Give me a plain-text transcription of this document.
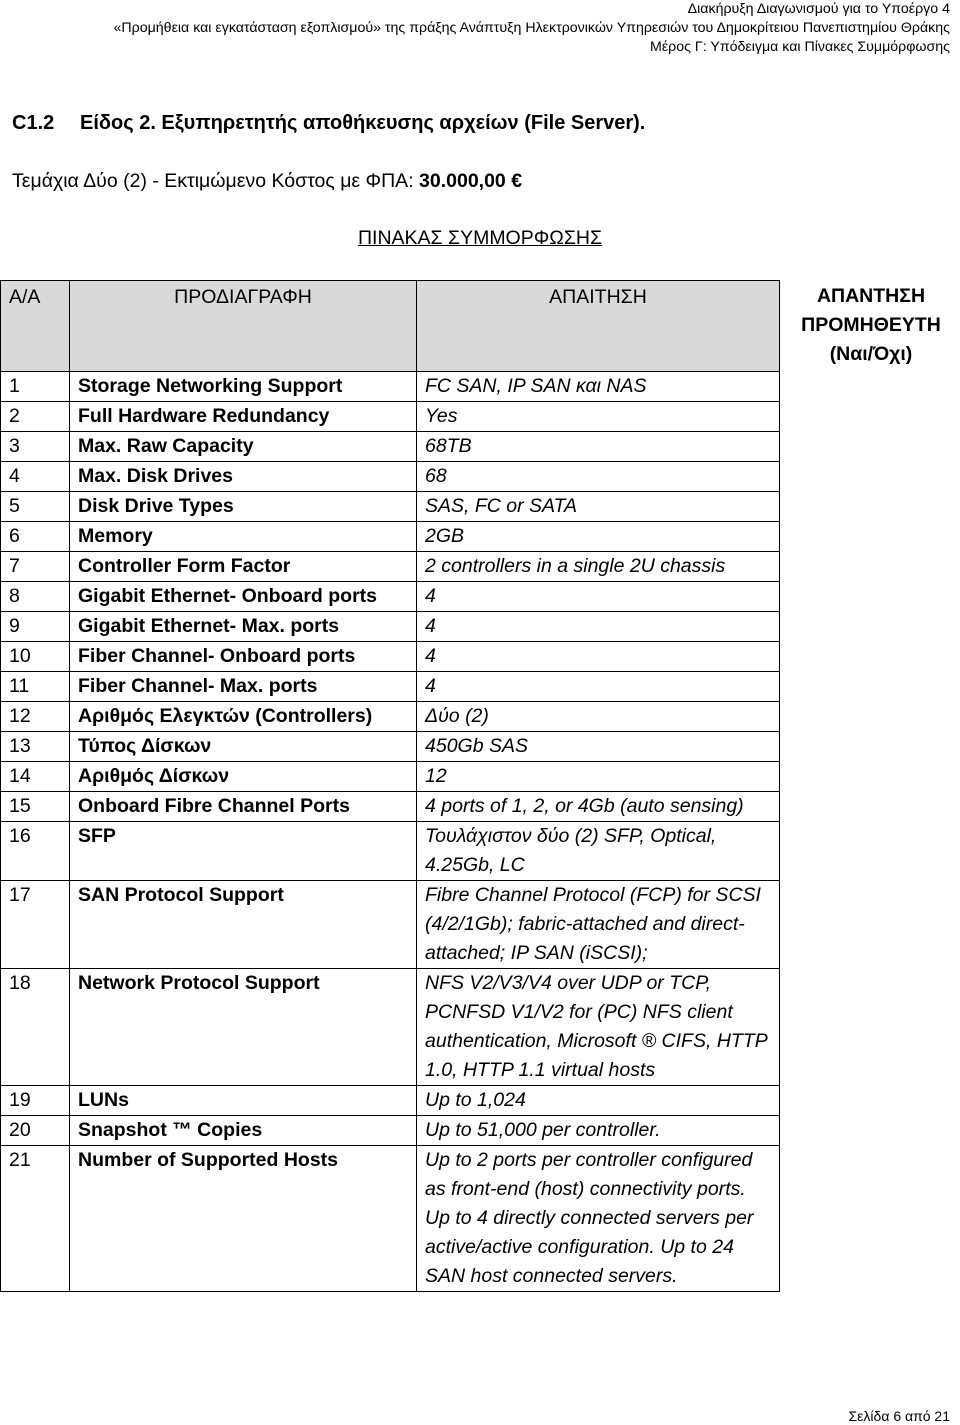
Διακήρυξη Διαγωνισμού για το Υποέργο 4
«Προμήθεια και εγκατάσταση εξοπλισμού» της πράξης Ανάπτυξη Ηλεκτρονικών Υπηρεσιών του Δημοκρίτειου Πανεπιστημίου Θράκης
Μέρος Γ: Υπόδειγμα και Πίνακες Συμμόρφωσης
C1.2 Είδος 2. Εξυπηρετητής αποθήκευσης αρχείων (File Server).
Τεμάχια Δύο (2) - Εκτιμώμενο Κόστος με ΦΠΑ: 30.000,00 €
ΠΙΝΑΚΑΣ ΣΥΜΜΟΡΦΩΣΗΣ
Α/Α	ΠΡΟΔΙΑΓΡΑΦΗ	ΑΠΑΙΤΗΣΗ
1	Storage Networking Support	FC SAN, IP SAN και NAS
2	Full Hardware Redundancy	Yes
3	Max. Raw Capacity	68TB
4	Max. Disk Drives	68
5	Disk Drive Types	SAS, FC or SATA
6	Memory	2GB
7	Controller Form Factor	2 controllers in a single 2U chassis
8	Gigabit Ethernet- Onboard ports	4
9	Gigabit Ethernet- Max. ports	4
10	Fiber Channel- Onboard ports	4
11	Fiber Channel- Max. ports	4
12	Αριθμός Ελεγκτών (Controllers)	Δύο (2)
13	Τύπος Δίσκων	450Gb SAS
14	Αριθμός Δίσκων	12
15	Onboard Fibre Channel Ports	4 ports of 1, 2, or 4Gb (auto sensing)
16	SFP	Τουλάχιστον δύο (2) SFP, Optical, 4.25Gb, LC
17	SAN Protocol Support	Fibre Channel Protocol (FCP) for SCSI (4/2/1Gb); fabric-attached and direct-attached; IP SAN (iSCSI);
18	Network Protocol Support	NFS V2/V3/V4 over UDP or TCP, PCNFSD V1/V2 for (PC) NFS client authentication, Microsoft ® CIFS, HTTP 1.0, HTTP 1.1 virtual hosts
19	LUNs	Up to 1,024
20	Snapshot ™ Copies	Up to 51,000 per controller.
21	Number of Supported Hosts	Up to 2 ports per controller configured as front-end (host) connectivity ports. Up to 4 directly connected servers per active/active configuration. Up to 24 SAN host connected servers.
ΑΠΑΝΤΗΣΗ ΠΡΟΜΗΘΕΥΤΗ (Ναι/Όχι)
Σελίδα 6 από 21
